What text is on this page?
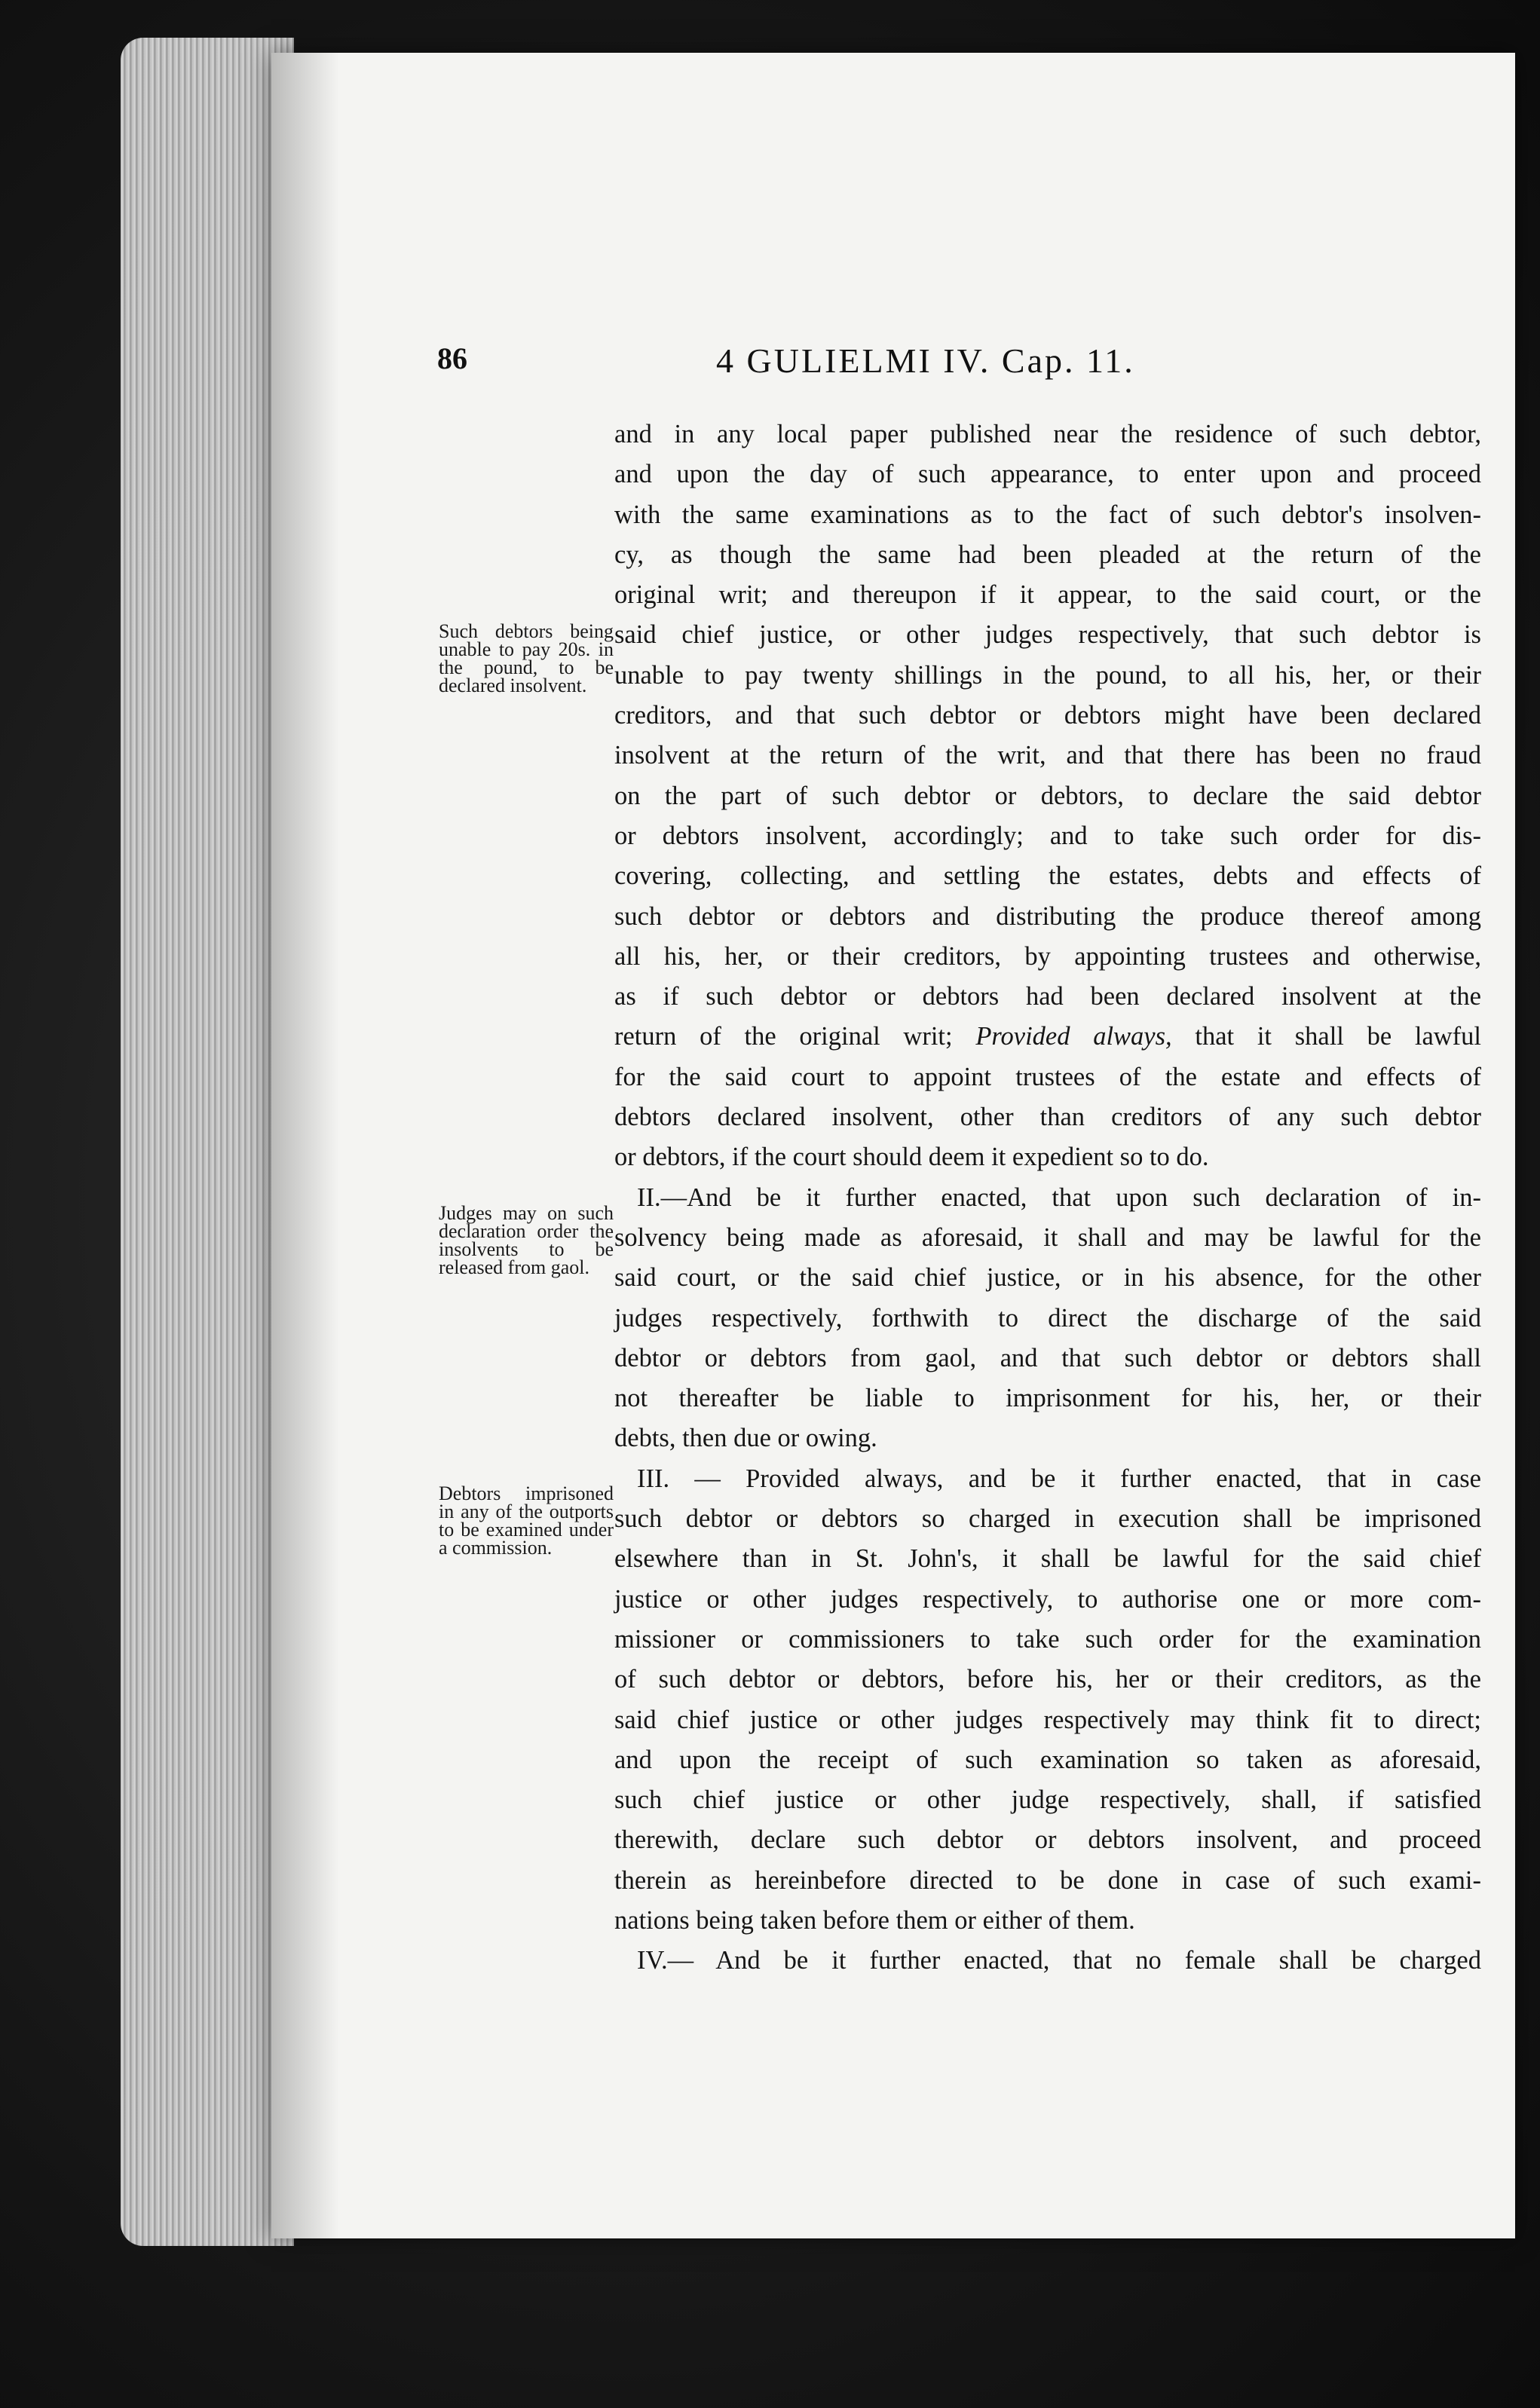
86	4 GULIELMI IV. Cap. 11.
Such debtors being unable to pay 20s. in the pound, to be declared insolvent.
Judges may on such declaration order the insolvents to be released from gaol.
Debtors imprisoned in any of the outports to be examined under a commission.
and in any local paper published near the residence of such debtor,
and upon the day of such appearance, to enter upon and proceed
with the same examinations as to the fact of such debtor's insolven-
cy, as though the same had been pleaded at the return of the
original writ; and thereupon if it appear, to the said court, or the
said chief justice, or other judges respectively, that such debtor is
unable to pay twenty shillings in the pound, to all his, her, or their
creditors, and that such debtor or debtors might have been declared
insolvent at the return of the writ, and that there has been no fraud
on the part of such debtor or debtors, to declare the said debtor
or debtors insolvent, accordingly; and to take such order for dis-
covering, collecting, and settling the estates, debts and effects of
such debtor or debtors and distributing the produce thereof among
all his, her, or their creditors, by appointing trustees and otherwise,
as if such debtor or debtors had been declared insolvent at the
return of the original writ; Provided always, that it shall be lawful
for the said court to appoint trustees of the estate and effects of
debtors declared insolvent, other than creditors of any such debtor
or debtors, if the court should deem it expedient so to do.
II.—And be it further enacted, that upon such declaration of in-
solvency being made as aforesaid, it shall and may be lawful for the
said court, or the said chief justice, or in his absence, for the other
judges respectively, forthwith to direct the discharge of the said
debtor or debtors from gaol, and that such debtor or debtors shall
not thereafter be liable to imprisonment for his, her, or their
debts, then due or owing.
III. — Provided always, and be it further enacted, that in case
such debtor or debtors so charged in execution shall be imprisoned
elsewhere than in St. John's, it shall be lawful for the said chief
justice or other judges respectively, to authorise one or more com-
missioner or commissioners to take such order for the examination
of such debtor or debtors, before his, her or their creditors, as the
said chief justice or other judges respectively may think fit to direct;
and upon the receipt of such examination so taken as aforesaid,
such chief justice or other judge respectively, shall, if satisfied
therewith, declare such debtor or debtors insolvent, and proceed
therein as hereinbefore directed to be done in case of such exami-
nations being taken before them or either of them.
IV.— And be it further enacted, that no female shall be charged
